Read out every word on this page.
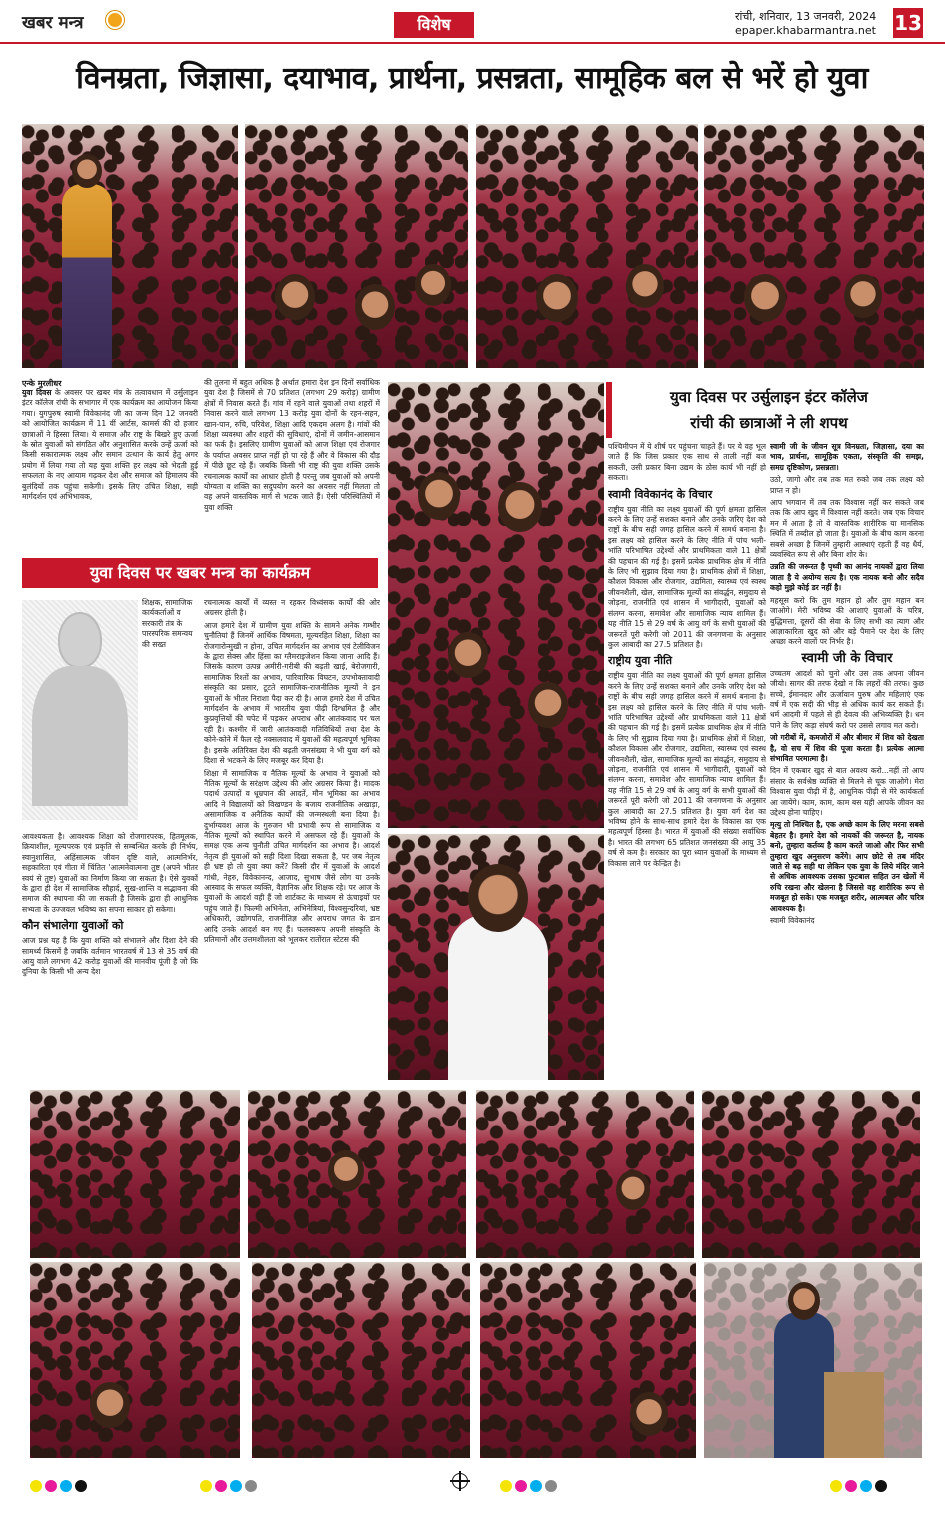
खबर मन्त्र	विशेष	रांची, शनिवार, 13 जनवरी, 2024
epaper.khabarmantra.net 13
विनम्रता, जिज्ञासा, दयाभाव, प्रार्थना, प्रसन्नता, सामूहिक बल से भरें हो युवा
एन्के मुरलीधर

युवा दिवस के अवसर पर खबर मंत्र के तत्वावधान में उर्सुलाइन इंटर कॉलेज रांची के सभागार में एक कार्यक्रम का आयोजन किया गया। युगपुरुष स्वामी विवेकानंद जी का जन्म दिन 12 जनवरी को आयोजित कार्यक्रम में 11 वीं आर्टस, कामर्स की दो हजार छात्राओं ने हिस्सा लिया। ये समाज और राष्ट्र के बिखरे हुए ऊर्जा के स्रोत युवाओं को संगठित और अनुशासित करके उन्हें ऊर्जा को किसी सकारात्मक लक्ष्य और समान उत्थान के कार्य हेतु अगर प्रयोग में लिया गया तो यह युवा शक्ति हर लक्ष्य को भेदती हुई सफलता के नए आयाम गढ़कर देश और समाज को हिमालय की बुलंदियों तक पहुंचा सकेगी। इसके लिए उचित शिक्षा, सही मार्गदर्शन एवं अभिभावक,

की तुलना में बहुत अधिक है अर्थात हमारा देश इन दिनों सर्वाधिक युवा देश है जिसमें से 70 प्रतिशत (लगभग 29 करोड़) ग्रामीण क्षेत्रों में निवास करते हैं। गांव में रहने वाले युवाओं तथा शहरों में निवास करने वाले लगभग 13 करोड़ युवा दोनों के रहन-सहन, खान-पान, रुचि, परिवेश, शिक्षा आदि एकदम अलग है। गांवों की शिक्षा व्यवस्था और शहरों की सुविधाएं, दोनों में जमीन-आसमान का फर्क है। इसलिए ग्रामीण युवाओं को आज शिक्षा एवं रोजगार के पर्याप्त अवसर प्राप्त नहीं हो पा रहे हैं और वे विकास की दौड़ में पीछे छूट रहे हैं। जबकि किसी भी राष्ट्र की युवा शक्ति उसके रचनात्मक कार्यों का आधार होती है परन्तु जब युवाओं को अपनी योग्यता व शक्ति का सदुपयोग करने का अवसर नहीं मिलता तो वह अपने वास्तविक मार्ग से भटक जाते हैं। ऐसी परिस्थितियों में युवा शक्ति

युवा दिवस पर खबर मन्त्र का कार्यक्रम
युवा दिवस पर उर्सुलाइन इंटर कॉलेज
रांची की छात्राओं ने ली शपथ

शिक्षक, सामाजिक कार्यकर्ताओं व सरकारी तंत्र के पारस्परिक समन्वय की सख्त

आवश्यकता है। आवश्यक शिक्षा को रोजगारपरक, हितमूलक, क्रियाशील, मूल्यपरक एवं प्रकृति से सम्बन्धित करके ही निर्भय, स्वानुशासित, अहिंसात्मक जीवन दृष्टि वाले, आत्मनिर्भर, सहकारिता एवं गीता में चिंतित 'आत्मनेवात्मना तुष्ट (अपने भीतर स्वयं से तुष्ट) युवाओं का निर्माण किया जा सकता है। ऐसे युवकों के द्वारा ही देश में सामाजिक सौहार्द, सुख-शान्ति व सद्भावना की समाज की स्थापना की जा सकती है जिसके द्वारा ही आधुनिक सभ्यता के उज्जवल भविष्य का सपना साकार हो सकेगा।

कौन संभालेगा युवाओं को

आज प्रश्न यह है कि युवा शक्ति को संभालने और दिशा देने की सामर्थ्य किसमें है जबकि वर्तमान भारतवर्ष में 13 से 35 वर्ष की आयु वाले लगभग 42 करोड़ युवाओं की मानवीय पूंजी है जो कि दुनिया के किसी भी अन्य देश

रचनात्मक कार्यों में व्यस्त न रहकर विध्वंसक कार्यों की ओर अग्रसर होती है।

आज हमारे देश में ग्रामीण युवा शक्ति के सामने अनेक गम्भीर चुनौतियां हैं जिनमें आर्थिक विषमता, मूल्यरहित शिक्षा, शिक्षा का रोजगारोन्मुखी न होना, उचित मार्गदर्शन का अभाव एवं टेलीविजन के द्वारा सेक्स और हिंसा का ग्लैमराइजेशन किया जाना आदि हैं। जिसके कारण उत्पन्न अमीरी-गरीबी की बढ़ती खाई, बेरोजगारी, सामाजिक रिश्तों का अभाव, पारिवारिक विघटन, उपभोक्तावादी संस्कृति का प्रसार, टूटते सामाजिक-राजनीतिक मूल्यों ने इन युवाओं के भीतर निराशा पैदा कर दी है। आज हमारे देश में उचित मार्गदर्शन के अभाव में भारतीय युवा पीढ़ी दिग्भ्रमित है और कुप्रवृत्तियों की चपेट में पड़कर अपराध और आतंकवाद पर चल रही है। कश्मीर में जारी आतंकवादी गतिविधियों तथा देश के कोने-कोने में फैल रहे नक्सलवाद में युवाओं की महत्वपूर्ण भूमिका है। इसके अतिरिक्त देश की बढ़ती जनसंख्या ने भी युवा वर्ग को दिशा से भटकने के लिए मजबूर कर दिया है।

शिक्षा में सामाजिक व नैतिक मूल्यों के अभाव ने युवाओं को नैतिक मूल्यों के सरंक्षण उद्देश्य की ओर अग्रसर किया है। मादक पदार्थ उत्पादों व धूम्रपान की आदतें, मौन भूमिका का अभाव आदि ने विद्यालयों को विखण्डन के बजाय राजनीतिक अखाड़ा, असामाजिक व अनैतिक कार्यों की जन्मस्थली बना दिया है। दुर्भाग्यवश आज के गुरुजन भी प्रभावी रूप से सामाजिक व नैतिक मूल्यों को स्थापित करने में असफल रहे हैं। युवाओं के समक्ष एक अन्य चुनौती उचित मार्गदर्शन का अभाव है। आदर्श नेतृत्व ही युवाओं को सही दिशा दिखा सकता है, पर जब नेतृत्व ही भ्रष्ट हो तो युवा क्या करें? किसी दौर में युवाओं के आदर्श गांधी, नेहरु, विवेकानन्द, आजाद, सुभाष जैसे लोग या उनके आस्वाद के सफल व्यक्ति, वैज्ञानिक और शिक्षक रहे। पर आज के युवाओं के आदर्श वही हैं जो शार्टकट के माध्यम से ऊंचाइयों पर पहुंच जाते हैं। फिल्मी अभिनेता, अभिनेत्रियां, विश्वसुन्दरियां, भ्रष्ट अधिकारी, उद्योगपति, राजनीतिज्ञ और अपराध जगत के डान आदि उनके आदर्श बन गए हैं। फलस्वरूप अपनी संस्कृति के प्रतिमानों और उत्तमशीलता को भूलकर रातोंरात स्टेटस की

पश्चिमीपन में ये शीर्ष पर पहुंचना चाहते हैं। पर ये वह भूल जाते हैं कि जिस प्रकार एक साथ से ताली नहीं बज सकती, उसी प्रकार बिना उद्यम के ठोस कार्य भी नहीं हो सकता।

स्वामी विवेकानंद के विचार

राष्ट्रीय युवा नीति का लक्ष्य युवाओं की पूर्ण क्षमता हासिल करने के लिए उन्हें सशक्त बनाने और उनके जरिए देश को राष्ट्रों के बीच सही जगह हासिल करने में समर्थ बनाना है। इस लक्ष्य को हासिल करने के लिए नीति में पांच भली-भांति परिभाषित उद्देश्यों और प्राथमिकता वाले 11 क्षेत्रों की पहचान की गई है। इसमें प्रत्येक प्राथमिक क्षेत्र में नीति के लिए भी सुझाव दिया गया है। प्राथमिक क्षेत्रों में शिक्षा, कौशल विकास और रोजगार, उद्यमिता, स्वास्थ्य एवं स्वस्थ जीवनशैली, खेल, सामाजिक मूल्यों का संवर्द्धन, समुदाय से जोड़ना, राजनीति एवं शासन में भागीदारी, युवाओं को संलग्न करना, समावेश और सामाजिक न्याय शामिल हैं। यह नीति 15 से 29 वर्ष के आयु वर्ग के सभी युवाओं की जरूरतें पूरी करेगी जो 2011 की जनगणना के अनुसार कुल आबादी का 27.5 प्रतिशत है।

राष्ट्रीय युवा नीति

राष्ट्रीय युवा नीति का लक्ष्य युवाओं की पूर्ण क्षमता हासिल करने के लिए उन्हें सशक्त बनाने और उनके जरिए देश को राष्ट्रों के बीच सही जगह हासिल करने में समर्थ बनाना है। इस लक्ष्य को हासिल करने के लिए नीति में पांच भली-भांति परिभाषित उद्देश्यों और प्राथमिकता वाले 11 क्षेत्रों की पहचान की गई है। इसमें प्रत्येक प्राथमिक क्षेत्र में नीति के लिए भी सुझाव दिया गया है। प्राथमिक क्षेत्रों में शिक्षा, कौशल विकास और रोजगार, उद्यमिता, स्वास्थ्य एवं स्वस्थ जीवनशैली, खेल, सामाजिक मूल्यों का संवर्द्धन, समुदाय से जोड़ना, राजनीति एवं शासन में भागीदारी, युवाओं को संलग्न करना, समावेश और सामाजिक न्याय शामिल हैं। यह नीति 15 से 29 वर्ष के आयु वर्ग के सभी युवाओं की जरूरतें पूरी करेगी जो 2011 की जनगणना के अनुसार कुल आबादी का 27.5 प्रतिशत है। युवा वर्ग देश का भविष्य होने के साथ-साथ हमारे देश के विकास का एक महत्वपूर्ण हिस्सा है। भारत में युवाओं की संख्या सर्वाधिक है। भारत की लगभग 65 प्रतिशत जनसंख्या की आयु 35 वर्ष से कम है। सरकार का पूरा ध्यान युवाओं के माध्यम से विकास लाने पर केन्द्रित है।

स्वामी जी के जीवन सूत्र विनम्रता, जिज्ञासा, दया का भाव, प्रार्थना, सामूहिक एकता, संस्कृति की समझ, समग्र दृष्टिकोण, प्रसन्नता।

उठो, जागो और तब तक मत रुको जब तक लक्ष्य को प्राप्त न हो।

आप भगवान में तब तक विश्वास नहीं कर सकते जब तक कि आप खुद में विश्वास नहीं करते। जब एक विचार मन में आता है तो वे वास्तविक शारीरिक या मानसिक स्थिति में तब्दील हो जाता है। युवाओं के बीच काम करना सबसे अच्छा है जिनमें तुम्हारी आस्थाएं रहती हैं वह धैर्य, व्यवस्थित रूप से और बिना शोर के।

उन्नति की जरूरत है पृथ्वी का आनंद नायकों द्वारा लिया जाता है ये अयोग्य सत्य है। एक नायक बनो और सदैव कहो मुझे कोई डर नहीं है।

महसूस करो कि तुम महान हो और तुम महान बन जाओगे। मेरी भविष्य की आशाएं युवाओं के चरित्र, बुद्धिमत्ता, दूसरों की सेवा के लिए सभी का त्याग और आज्ञाकारिता खुद को और बड़े पैमाने पर देश के लिए अच्छा करने वालों पर निर्भर है।

स्वामी जी के विचार

उच्चतम आदर्श को चुनो और उस तक अपना जीवन जीयो। सागर की तरफ देखो न कि लहरों की तरफ। कुछ सच्चे, ईमानदार और ऊर्जावान पुरुष और महिलाएं एक वर्ष में एक सदी की भीड़ से अधिक कार्य कर सकते हैं। धर्म आदमी में पहले से ही देवत्व की अभिव्यक्ति है। धन पाने के लिए कड़ा संघर्ष करो पर उससे लगाव मत करो।

जो गरीबों में, कमजोरों में और बीमार में शिव को देखता है, वो सच में शिव की पूजा करता है। प्रत्येक आत्मा संभावित परमात्मा है।

दिन में एकबार खुद से बात अवश्य करो...नहीं तो आप संसार के सर्वश्रेष्ठ व्यक्ति से मिलने से चूक जाओगे। मेरा विश्वास युवा पीढ़ी में है, आधुनिक पीढ़ी से मेरे कार्यकर्ता आ जायेंगे। काम, काम, काम बस यही आपके जीवन का उद्देश्य होना चाहिए।

मृत्यु तो निश्चित है, एक अच्छे काम के लिए मरना सबसे बेहतर है। हमारे देश को नायकों की जरूरत है, नायक बनो, तुम्हारा कर्तव्य है काम करते जाओ और फिर सभी तुम्हारा खुद अनुसरण करेंगे। आप छोटे से तब मंदिर जाते से बढ़ सही था लेकिन एक युवा के लिये मंदिर जाने से अधिक आवश्यक उसका फुटबाल सहित उन खेलों में रुचि रखना और खेलना है जिससे वह शारीरिक रूप से मजबूत हो सके। एक मजबूत शरीर, आत्मबल और चरित्र आवश्यक है।

स्वामी विवेकानंद
